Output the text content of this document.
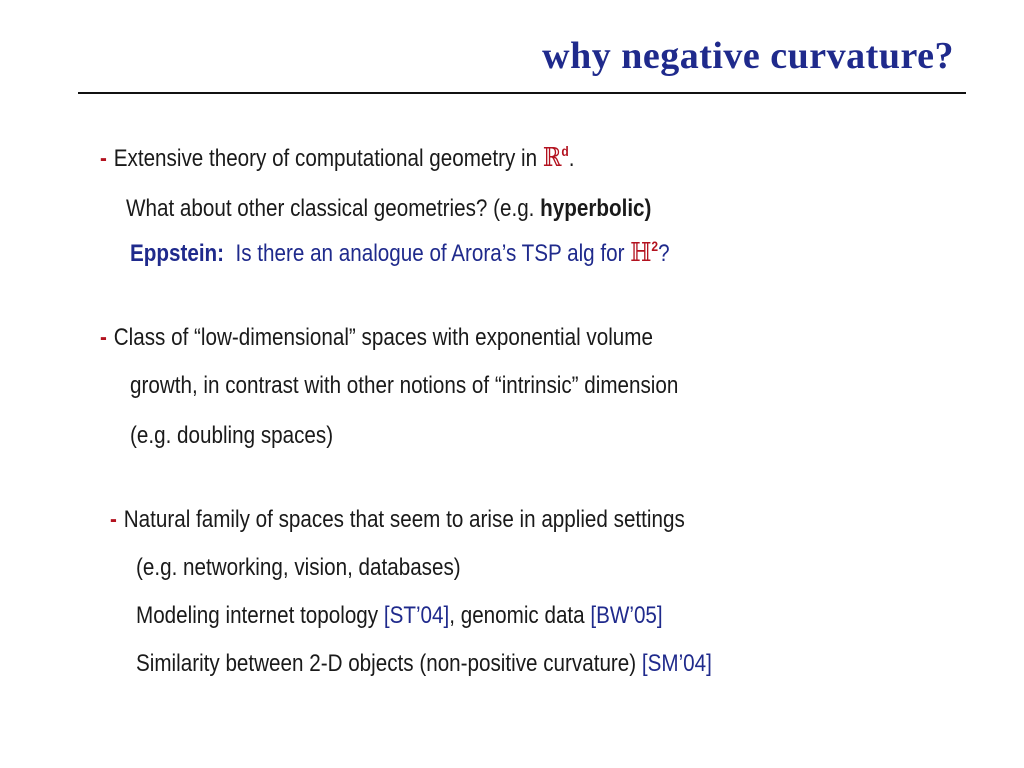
why negative curvature?
- Extensive theory of computational geometry in ℝ$^d$.
What about other classical geometries? (e.g. hyperbolic)
Eppstein: Is there an analogue of Arora’s TSP alg for ℍ$^2$?
- Class of “low-dimensional” spaces with exponential volume
growth, in contrast with other notions of “intrinsic” dimension
(e.g. doubling spaces)
- Natural family of spaces that seem to arise in applied settings
(e.g. networking, vision, databases)
Modeling internet topology [ST’04], genomic data [BW’05]
Similarity between 2-D objects (non-positive curvature) [SM’04]
